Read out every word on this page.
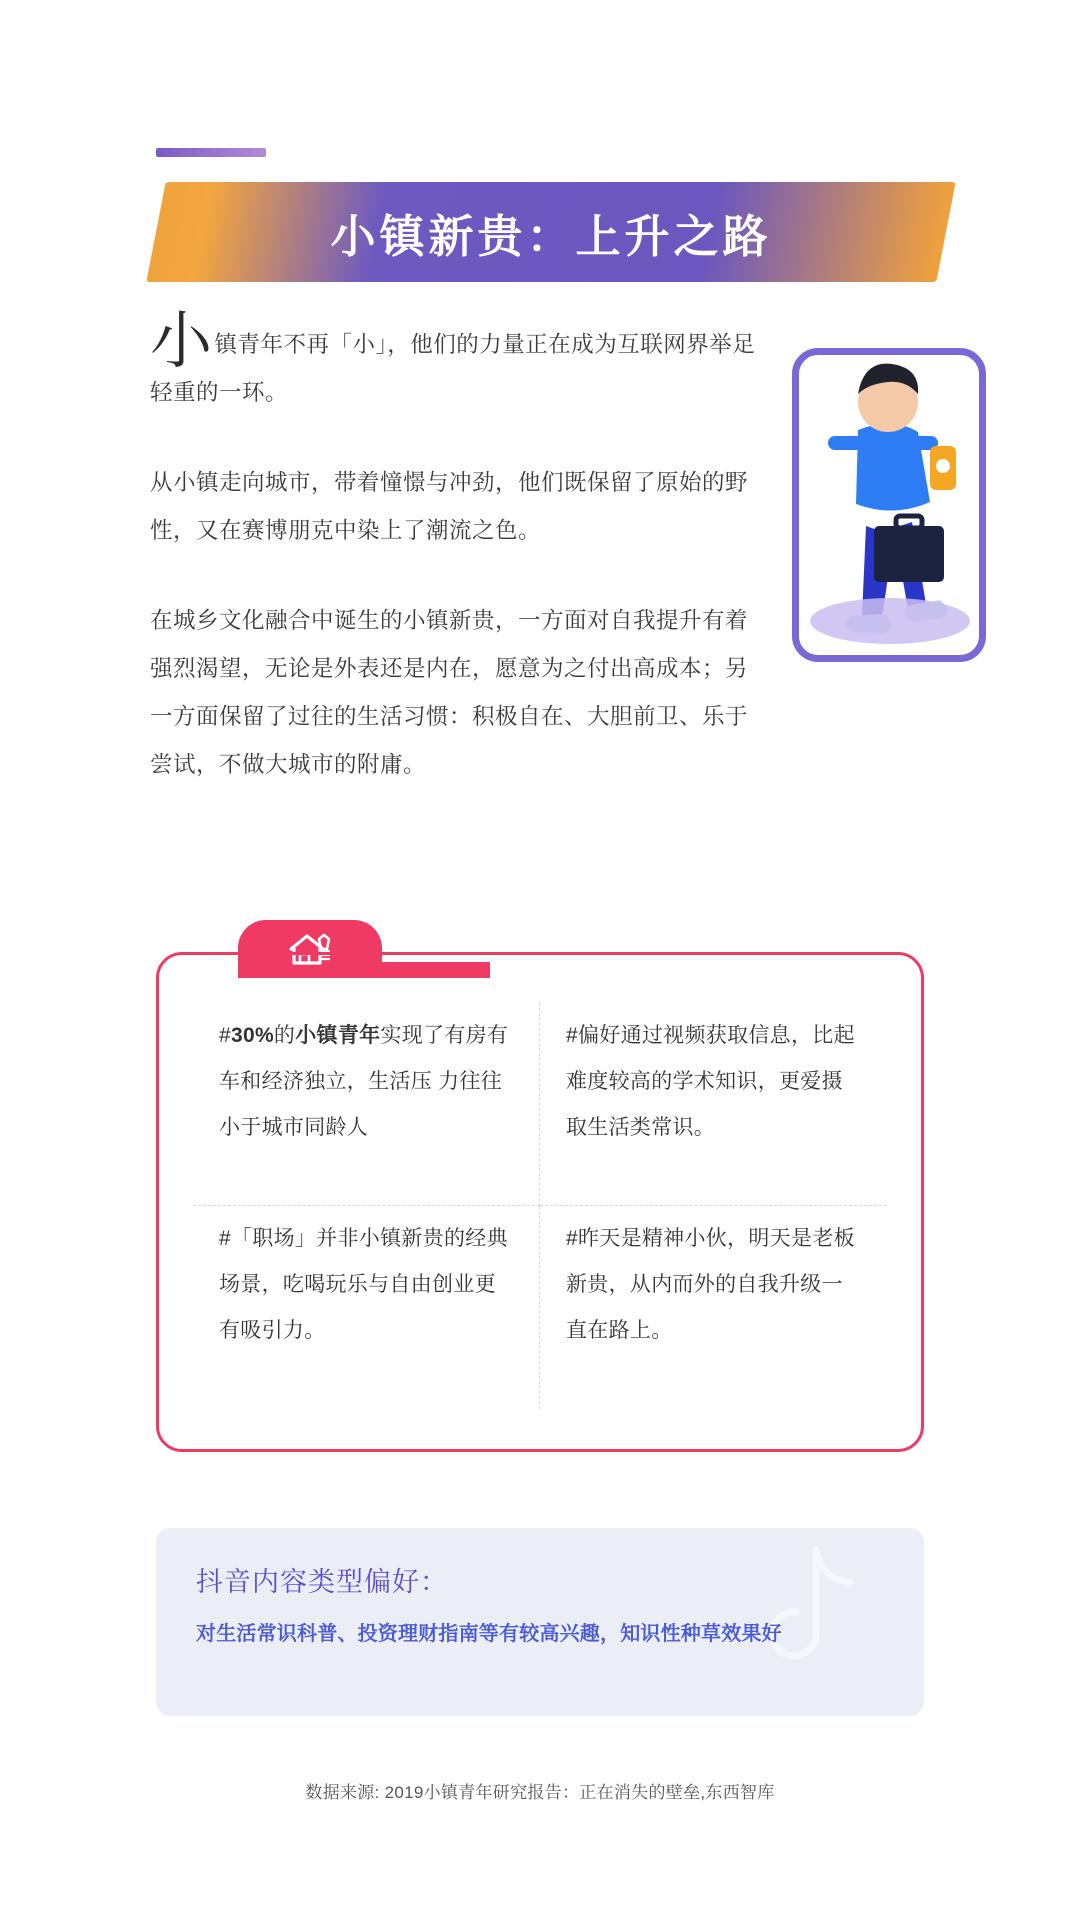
小镇新贵：上升之路

小镇青年不再「小」，他们的力量正在成为互联网界举足轻重的一环。

从小镇走向城市，带着憧憬与冲劲，他们既保留了原始的野性，又在赛博朋克中染上了潮流之色。

在城乡文化融合中诞生的小镇新贵，一方面对自我提升有着强烈渴望，无论是外表还是内在，愿意为之付出高成本；另一方面保留了过往的生活习惯：积极自在、大胆前卫、乐于尝试，不做大城市的附庸。

#30%的小镇青年实现了有房有车和经济独立，生活压 力往往小于城市同龄人
#偏好通过视频获取信息，比起难度较高的学术知识，更爱摄取生活类常识。
#「职场」并非小镇新贵的经典场景，吃喝玩乐与自由创业更有吸引力。
#昨天是精神小伙，明天是老板新贵，从内而外的自我升级一直在路上。
抖音内容类型偏好：
对生活常识科普、投资理财指南等有较高兴趣，知识性种草效果好
数据来源: 2019小镇青年研究报告：正在消失的壁垒,东西智库
